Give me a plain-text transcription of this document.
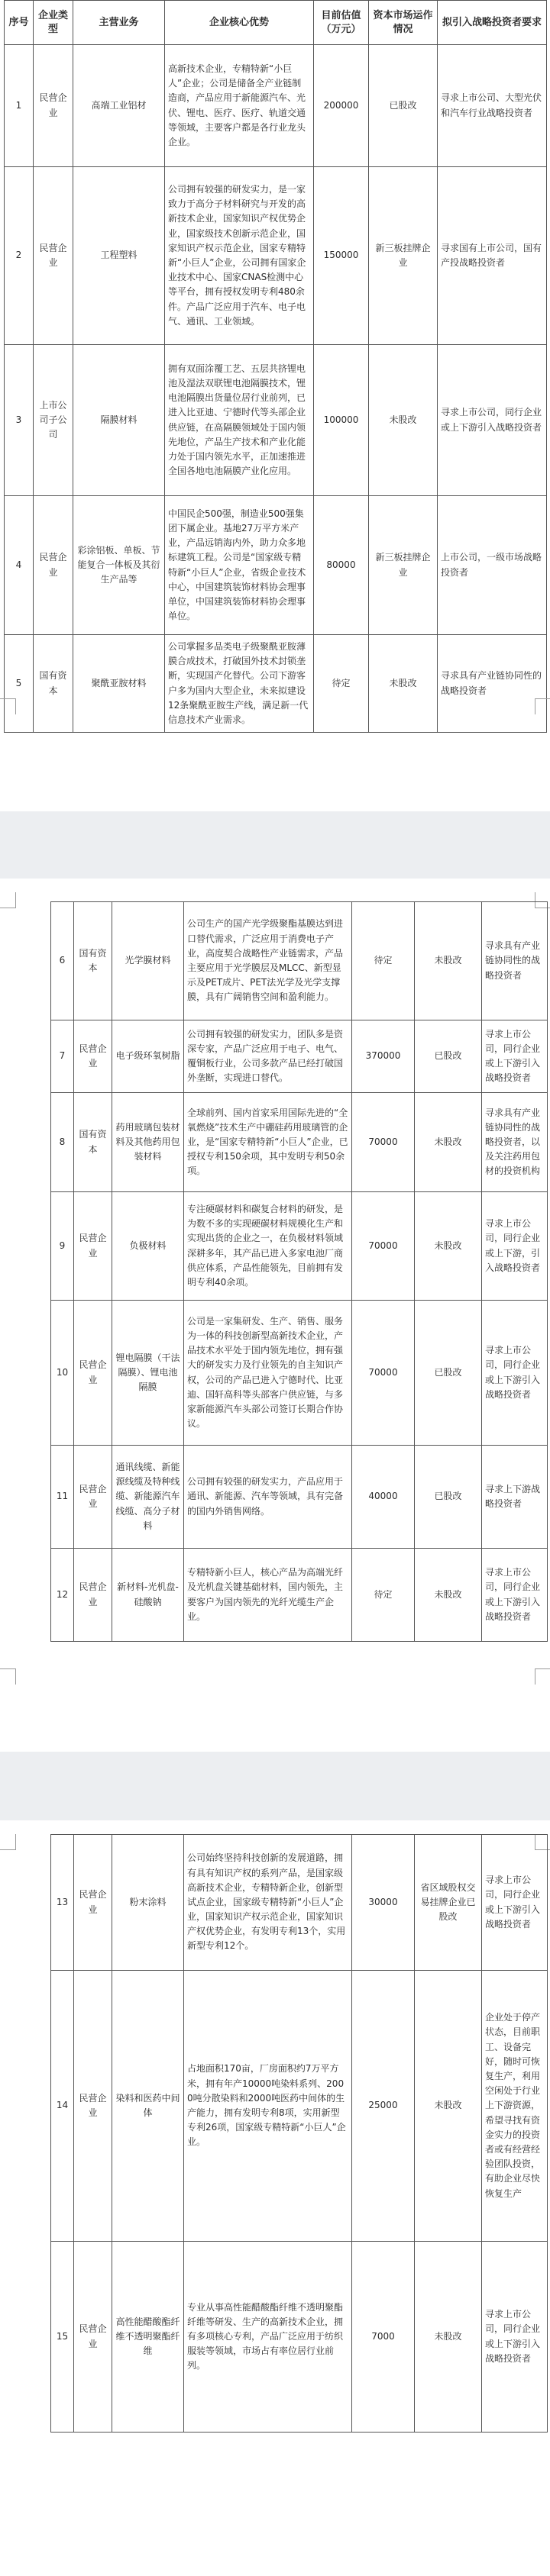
序号	企业类型	主营业务	企业核心优势	目前估值（万元）	资本市场运作情况	拟引入战略投资者要求
1	民营企业	高端工业铝材	高新技术企业，专精特新“小巨人”企业；公司是储备全产业链制造商，产品应用于新能源汽车、光伏、锂电、医疗、医疗、轨道交通等领域，主要客户都是各行业龙头企业。	200000	已股改	寻求上市公司、大型光伏和汽车行业战略投资者
2	民营企业	工程塑料	公司拥有较强的研发实力，是一家致力于高分子材料研究与开发的高新技术企业，国家知识产权优势企业，国家级技术创新示范企业，国家知识产权示范企业，国家专精特新“小巨人”企业，公司拥有国家企业技术中心、国家CNAS检测中心等平台，拥有授权发明专利480余件。产品广泛应用于汽车、电子电气、通讯、工业领域。	150000	新三板挂牌企业	寻求国有上市公司，国有产投战略投资者
3	上市公司子公司	隔膜材料	拥有双面涂覆工艺、五层共挤锂电池及湿法双联锂电池隔膜技术，锂电池隔膜出货量位居行业前列，已进入比亚迪、宁德时代等头部企业供应链，在高隔膜领域处于国内领先地位，产品生产技术和产业化能力处于国内领先水平，正加速推进全国各地电池隔膜产业化应用。	100000	未股改	寻求上市公司，同行企业或上下游引入战略投资者
4	民营企业	彩涂铝板、单板、节能复合一体板及其衍生产品等	中国民企500强，制造业500强集团下属企业。基地27万平方米产业，产品远销海内外，助力众多地标建筑工程。公司是“国家级专精特新“小巨人”企业，省级企业技术中心，中国建筑装饰材料协会理事单位，中国建筑装饰材料协会理事单位。	80000	新三板挂牌企业	上市公司，一级市场战略投资者
5	国有资本	聚酰亚胺材料	公司掌握多品类电子级聚酰亚胺薄膜合成技术，打破国外技术封锁垄断，实现国产化替代。公司下游客户多为国内大型企业，未来拟建设12条聚酰亚胺生产线，满足新一代信息技术产业需求。	待定	未股改	寻求具有产业链协同性的战略投资者
6	国有资本	光学膜材料	公司生产的国产光学级聚酯基膜达到进口替代需求，广泛应用于消费电子产业，高度契合战略性产业链需求，产品主要应用于光学膜层及MLCC、新型显示及PET成片、PET法光学及光学支撑膜，具有广阔销售空间和盈利能力。	待定	未股改	寻求具有产业链协同性的战略投资者
7	民营企业	电子级环氧树脂	公司拥有较强的研发实力，团队多是资深专家，产品广泛应用于电子、电气、覆铜板行业，公司多款产品已经打破国外垄断，实现进口替代。	370000	已股改	寻求上市公司，同行企业或上下游引入战略投资者
8	国有资本	药用玻璃包装材料及其他药用包装材料	全球前列、国内首家采用国际先进的“全氧燃烧”技术生产中硼硅药用玻璃管的企业，是“国家专精特新“小巨人”企业，已授权专利150余项，其中发明专利50余项。	70000	未股改	寻求具有产业链协同性的战略投资者，以及关注药用包材的投资机构
9	民营企业	负极材料	专注硬碳材料和碳复合材料的研发，是为数不多的实现硬碳材料规模化生产和实现出货的企业之一，在负极材料领域深耕多年，其产品已进入多家电池厂商供应体系，产品性能领先，目前拥有发明专利40余项。	70000	未股改	寻求上市公司，同行企业或上下游，引入战略投资者
10	民营企业	锂电隔膜（干法隔膜）、锂电池隔膜	公司是一家集研发、生产、销售、服务为一体的科技创新型高新技术企业，产品技术水平处于国内领先地位，拥有强大的研发实力及行业领先的自主知识产权，公司的产品已进入宁德时代、比亚迪、国轩高科等头部客户供应链，与多家新能源汽车头部公司签订长期合作协议。	70000	已股改	寻求上市公司，同行企业或上下游引入战略投资者
11	民营企业	通讯线缆、新能源线缆及特种线缆、新能源汽车线缆、高分子材料	公司拥有较强的研发实力，产品应用于通讯、新能源、汽车等领域，具有完备的国内外销售网络。	40000	已股改	寻求上下游战略投资者
12	民营企业	新材料-光机盘-硅酸钠	专精特新小巨人，核心产品为高端光纤及光机盘关键基础材料，国内领先，主要客户为国内领先的光纤光缆生产企业。	待定	未股改	寻求上市公司，同行企业或上下游引入战略投资者
13	民营企业	粉末涂料	公司始终坚持科技创新的发展道路，拥有具有知识产权的系列产品，是国家级高新技术企业，专精特新企业，创新型试点企业，国家级专精特新“小巨人”企业，国家知识产权示范企业，国家知识产权优势企业，有发明专利13个，实用新型专利12个。	30000	省区域股权交易挂牌企业已股改	寻求上市公司，同行企业或上下游引入战略投资者
14	民营企业	染料和医药中间体	占地面积170亩，厂房面积约7万平方米，拥有年产10000吨染料系列、2000吨分散染料和2000吨医药中间体的生产能力，拥有发明专利8项，实用新型专利26项，国家级专精特新“小巨人”企业。	25000	未股改	企业处于停产状态，目前职工、设备完好，随时可恢复生产，利用空闲处于行业上下游资源，希望寻找有资金实力的投资者或有经营经验团队投资，有助企业尽快恢复生产
15	民营企业	高性能醋酸酯纤维不透明聚酯纤维	专业从事高性能醋酸酯纤维不透明聚酯纤维等研发、生产的高新技术企业，拥有多项核心专利，产品广泛应用于纺织服装等领域，市场占有率位居行业前列。	7000	未股改	寻求上市公司，同行企业或上下游引入战略投资者
